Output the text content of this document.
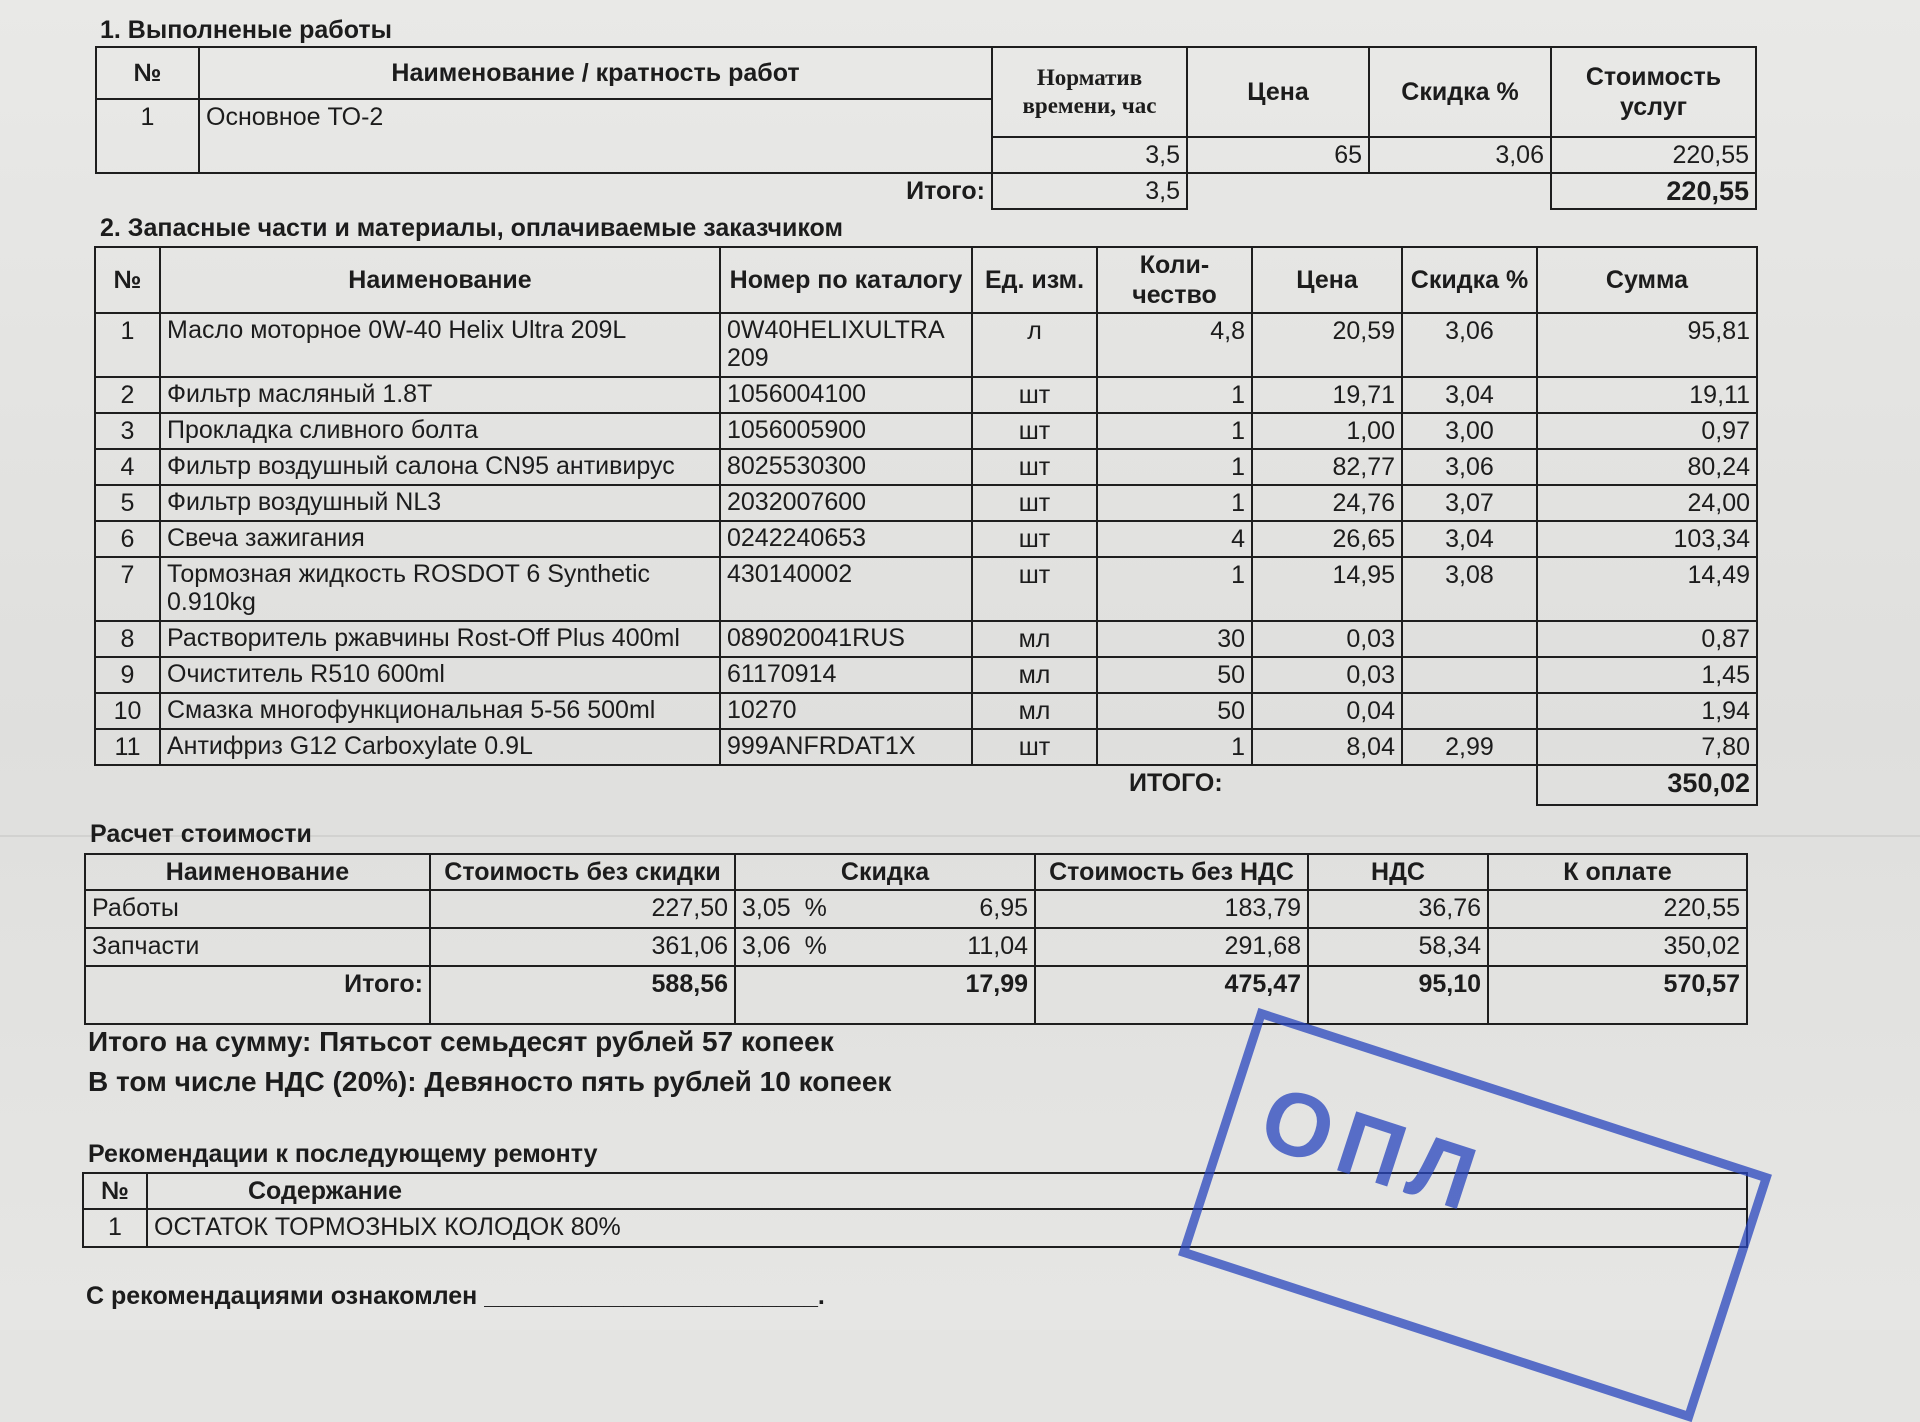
1. Выполненые работы
№	Наименование / кратность работ	Норматив времени, час	Цена	Скидка %	Стоимость услуг
1	Основное ТО-2				
		3,5	65	3,06	220,55
	Итого:	3,5			220,55
2. Запасные части и материалы, оплачиваемые заказчиком
№	Наименование	Номер по каталогу	Ед. изм.	Коли-чество	Цена	Скидка %	Сумма
1	Масло моторное 0W-40 Helix Ultra 209L	0W40HELIXULTRA 209	л	4,8	20,59	3,06	95,81
2	Фильтр масляный 1.8T	1056004100	шт	1	19,71	3,04	19,11
3	Прокладка сливного болта	1056005900	шт	1	1,00	3,00	0,97
4	Фильтр воздушный салона CN95 антивирус	8025530300	шт	1	82,77	3,06	80,24
5	Фильтр воздушный NL3	2032007600	шт	1	24,76	3,07	24,00
6	Свеча зажигания	0242240653	шт	4	26,65	3,04	103,34
7	Тормозная жидкость ROSDOT 6 Synthetic 0.910kg	430140002	шт	1	14,95	3,08	14,49
8	Растворитель ржавчины Rost-Off Plus 400ml	089020041RUS	мл	30	0,03		0,87
9	Очиститель R510 600ml	61170914	мл	50	0,03		1,45
10	Смазка многофункциональная 5-56 500ml	10270	мл	50	0,04		1,94
11	Антифриз G12 Carboxylate 0.9L	999ANFRDAT1X	шт	1	8,04	2,99	7,80
				ИТОГО:			350,02
Расчет стоимости
Наименование	Стоимость без скидки	Скидка		Стоимость без НДС	НДС	К оплате
Работы	227,50	3,05 %	6,95	183,79	36,76	220,55
Запчасти	361,06	3,06 %	11,04	291,68	58,34	350,02
Итого:	588,56	17,99		475,47	95,10	570,57
Итого на сумму: Пятьсот семьдесят рублей 57 копеек
В том числе НДС (20%): Девяносто пять рублей 10 копеек
Рекомендации к последующему ремонту
№	Содержание
1	ОСТАТОК ТОРМОЗНЫХ КОЛОДОК 80%
С рекомендациями ознакомлен ________________________.
ОПЛ
